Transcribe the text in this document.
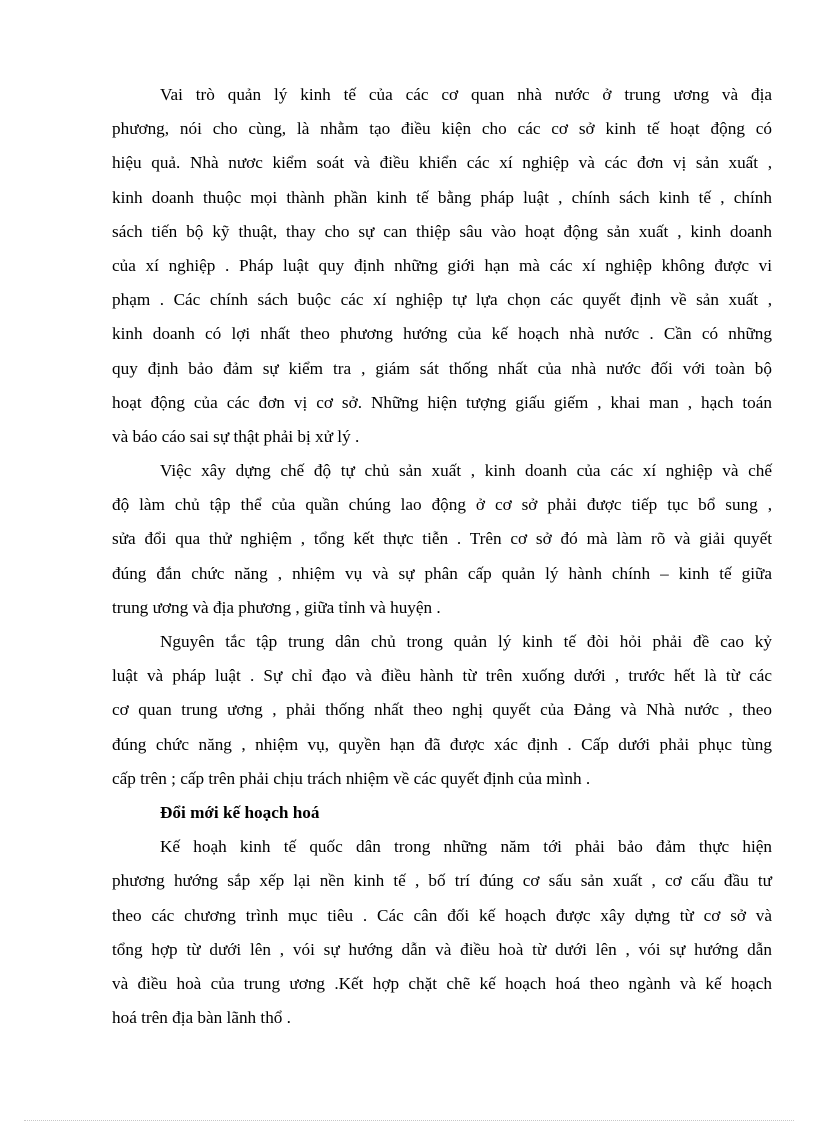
Vai trò quản lý kinh tế của các cơ quan nhà nước ở trung ương và địa
phương, nói cho cùng, là nhằm tạo điều kiện cho các cơ sở kinh tế hoạt động có
hiệu quả. Nhà nươc kiểm soát và điều khiển các xí nghiệp và các đơn vị sản xuất ,
kinh doanh thuộc mọi thành phần kinh tế bằng pháp luật , chính sách kinh tế , chính
sách tiến bộ kỹ thuật, thay cho sự can thiệp sâu vào hoạt động sản xuất , kinh doanh
của xí nghiệp . Pháp luật quy định những giới hạn mà các xí nghiệp không được vi
phạm . Các chính sách buộc các xí nghiệp tự lựa chọn các quyết định về sản xuất ,
kinh doanh có lợi nhất theo phương hướng của kế hoạch nhà nước . Cần có những
quy định bảo đảm sự kiểm tra , giám sát thống nhất của nhà nước đối với toàn bộ
hoạt động của các đơn vị cơ sở. Những hiện tượng giấu giếm , khai man , hạch toán
và báo cáo sai sự thật phải bị xử lý .
Việc xây dựng chế độ tự chủ sản xuất , kinh doanh của các xí nghiệp và chế
độ làm chủ tập thể của quần chúng lao động ở cơ sở phải được tiếp tục bổ sung ,
sửa đổi qua thử nghiệm , tổng kết thực tiễn . Trên cơ sở đó mà làm rõ và giải quyết
đúng đắn chức năng , nhiệm vụ và sự phân cấp quản lý hành chính – kinh tế giữa
trung ương và địa phương , giữa tỉnh và huyện .
Nguyên tắc tập trung dân chủ trong quản lý kinh tế đòi hỏi phải đề cao kỷ
luật và pháp luật . Sự chỉ đạo và điều hành từ trên xuống dưới , trước hết là từ các
cơ quan trung ương , phải thống nhất theo nghị quyết của Đảng và Nhà nước , theo
đúng chức năng , nhiệm vụ, quyền hạn đã được xác định . Cấp dưới phải phục tùng
cấp trên ; cấp trên phải chịu trách nhiệm về các quyết định của mình .
Đổi mới kế hoạch hoá
Kế hoạh kinh tế quốc dân trong những năm tới phải bảo đảm thực hiện
phương hướng sắp xếp lại nền kinh tế , bố trí đúng cơ sấu sản xuất , cơ cấu đầu tư
theo các chương trình mục tiêu . Các cân đối kế hoạch được xây dựng từ cơ sở và
tổng hợp từ dưới lên , vói sự hướng dẫn và điều hoà từ dưới lên , vói sự hướng dẫn
và điều hoà của trung ương .Kết hợp chặt chẽ kế hoạch hoá theo ngành và kế hoạch
hoá trên địa bàn lãnh thổ .
